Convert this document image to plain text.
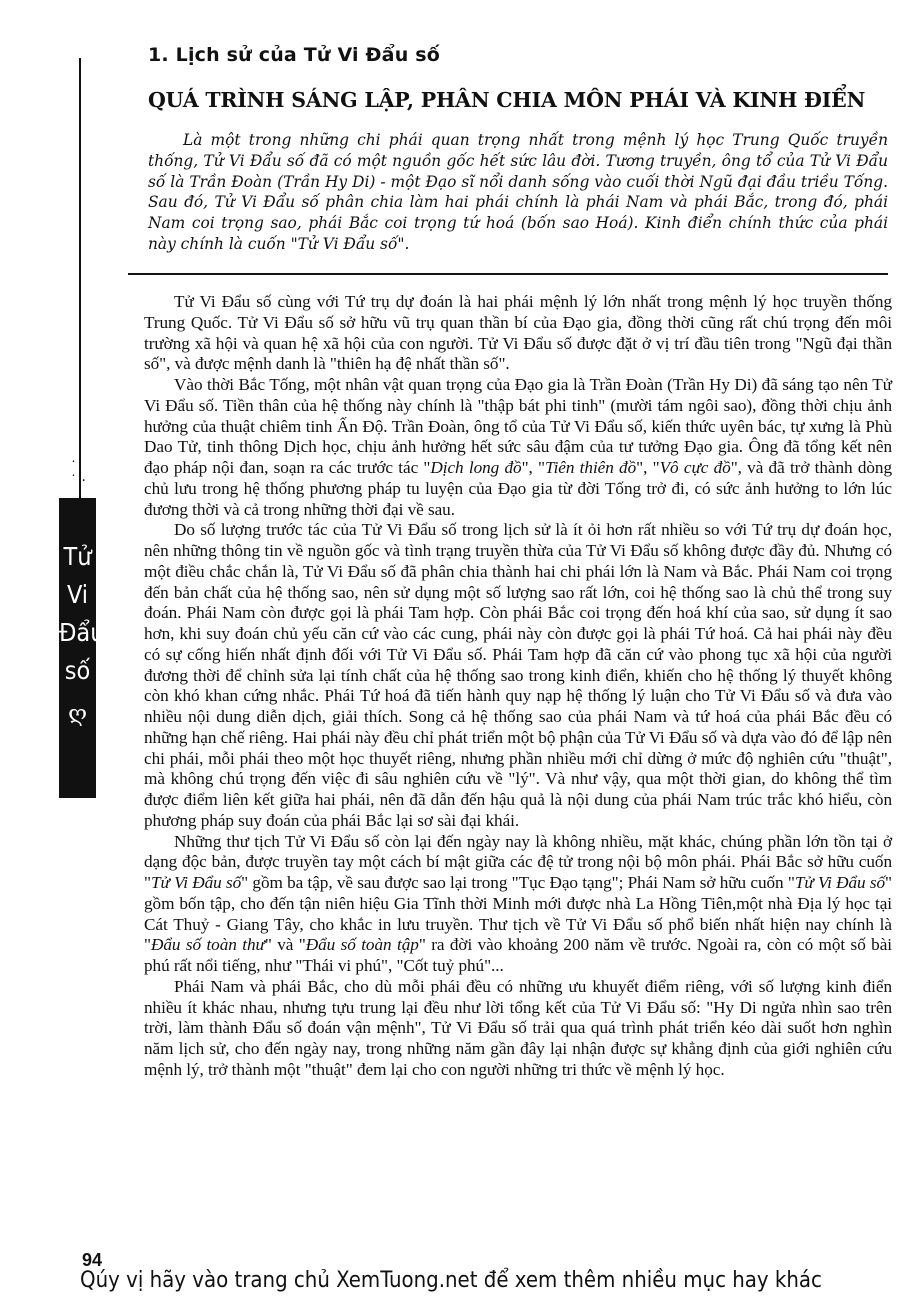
˙
˙ ·
Tử
Vi
Đẩu
số
ღ
1. Lịch sử của Tử Vi Đẩu số
QUÁ TRÌNH SÁNG LẬP, PHÂN CHIA MÔN PHÁI VÀ KINH ĐIỂN

Là một trong những chi phái quan trọng nhất trong mệnh lý học Trung Quốc truyền thống, Tử Vi Đẩu số đã có một nguồn gốc hết sức lâu đời. Tương truyền, ông tổ của Tử Vi Đẩu số là Trần Đoàn (Trần Hy Di) - một Đạo sĩ nổi danh sống vào cuối thời Ngũ đại đầu triều Tống. Sau đó, Tử Vi Đẩu số phân chia làm hai phái chính là phái Nam và phái Bắc, trong đó, phái Nam coi trọng sao, phái Bắc coi trọng tứ hoá (bốn sao Hoá). Kinh điển chính thức của phái này chính là cuốn "Tử Vi Đẩu số".

Tử Vi Đẩu số cùng với Tứ trụ dự đoán là hai phái mệnh lý lớn nhất trong mệnh lý học truyền thống Trung Quốc. Tử Vi Đẩu số sở hữu vũ trụ quan thần bí của Đạo gia, đồng thời cũng rất chú trọng đến môi trường xã hội và quan hệ xã hội của con người. Tử Vi Đẩu số được đặt ở vị trí đầu tiên trong "Ngũ đại thần số", và được mệnh danh là "thiên hạ đệ nhất thần số".

Vào thời Bắc Tống, một nhân vật quan trọng của Đạo gia là Trần Đoàn (Trần Hy Di) đã sáng tạo nên Tử Vi Đẩu số. Tiền thân của hệ thống này chính là "thập bát phi tinh" (mười tám ngôi sao), đồng thời chịu ảnh hưởng của thuật chiêm tinh Ấn Độ. Trần Đoàn, ông tổ của Tử Vi Đẩu số, kiến thức uyên bác, tự xưng là Phù Dao Tử, tinh thông Dịch học, chịu ảnh hưởng hết sức sâu đậm của tư tưởng Đạo gia. Ông đã tổng kết nên đạo pháp nội đan, soạn ra các trước tác "Dịch long đồ", "Tiên thiên đồ", "Vô cực đồ", và đã trở thành dòng chủ lưu trong hệ thống phương pháp tu luyện của Đạo gia từ đời Tống trở đi, có sức ảnh hưởng to lớn lúc đương thời và cả trong những thời đại về sau.

Do số lượng trước tác của Tử Vi Đẩu số trong lịch sử là ít ỏi hơn rất nhiều so với Tứ trụ dự đoán học, nên những thông tin về nguồn gốc và tình trạng truyền thừa của Tử Vi Đẩu số không được đầy đủ. Nhưng có một điều chắc chắn là, Tử Vi Đẩu số đã phân chia thành hai chi phái lớn là Nam và Bắc. Phái Nam coi trọng đến bản chất của hệ thống sao, nên sử dụng một số lượng sao rất lớn, coi hệ thống sao là chủ thể trong suy đoán. Phái Nam còn được gọi là phái Tam hợp. Còn phái Bắc coi trọng đến hoá khí của sao, sử dụng ít sao hơn, khi suy đoán chủ yếu căn cứ vào các cung, phái này còn được gọi là phái Tứ hoá. Cả hai phái này đều có sự cống hiến nhất định đối với Tử Vi Đẩu số. Phái Tam hợp đã căn cứ vào phong tục xã hội của người đương thời để chỉnh sửa lại tính chất của hệ thống sao trong kinh điển, khiến cho hệ thống lý thuyết không còn khó khan cứng nhắc. Phái Tứ hoá đã tiến hành quy nạp hệ thống lý luận cho Tử Vi Đẩu số và đưa vào nhiều nội dung diễn dịch, giải thích. Song cả hệ thống sao của phái Nam và tứ hoá của phái Bắc đều có những hạn chế riêng. Hai phái này đều chỉ phát triển một bộ phận của Tử Vi Đẩu số và dựa vào đó để lập nên chi phái, mỗi phái theo một học thuyết riêng, nhưng phần nhiều mới chỉ dừng ở mức độ nghiên cứu "thuật", mà không chú trọng đến việc đi sâu nghiên cứu về "lý". Và như vậy, qua một thời gian, do không thể tìm được điểm liên kết giữa hai phái, nên đã dẫn đến hậu quả là nội dung của phái Nam trúc trắc khó hiểu, còn phương pháp suy đoán của phái Bắc lại sơ sài đại khái.

Những thư tịch Tử Vi Đẩu số còn lại đến ngày nay là không nhiều, mặt khác, chúng phần lớn tồn tại ở dạng độc bản, được truyền tay một cách bí mật giữa các đệ tử trong nội bộ môn phái. Phái Bắc sở hữu cuốn "Tử Vi Đẩu số" gồm ba tập, về sau được sao lại trong "Tục Đạo tạng"; Phái Nam sở hữu cuốn "Tử Vi Đẩu số" gồm bốn tập, cho đến tận niên hiệu Gia Tĩnh thời Minh mới được nhà La Hồng Tiên,một nhà Địa lý học tại Cát Thuỷ - Giang Tây, cho khắc in lưu truyền. Thư tịch về Tử Vi Đẩu số phổ biến nhất hiện nay chính là "Đẩu số toàn thư" và "Đẩu số toàn tập" ra đời vào khoảng 200 năm về trước. Ngoài ra, còn có một số bài phú rất nổi tiếng, như "Thái vi phú", "Cốt tuỷ phú"...

Phái Nam và phái Bắc, cho dù mỗi phái đều có những ưu khuyết điểm riêng, với số lượng kinh điển nhiều ít khác nhau, nhưng tựu trung lại đều như lời tổng kết của Tử Vi Đẩu số: "Hy Di ngửa nhìn sao trên trời, làm thành Đẩu số đoán vận mệnh", Tử Vi Đẩu số trải qua quá trình phát triển kéo dài suốt hơn nghìn năm lịch sử, cho đến ngày nay, trong những năm gần đây lại nhận được sự khẳng định của giới nghiên cứu mệnh lý, trở thành một "thuật" đem lại cho con người những tri thức về mệnh lý học.

94
Qúy vị hãy vào trang chủ XemTuong.net để xem thêm nhiều mục hay khác
